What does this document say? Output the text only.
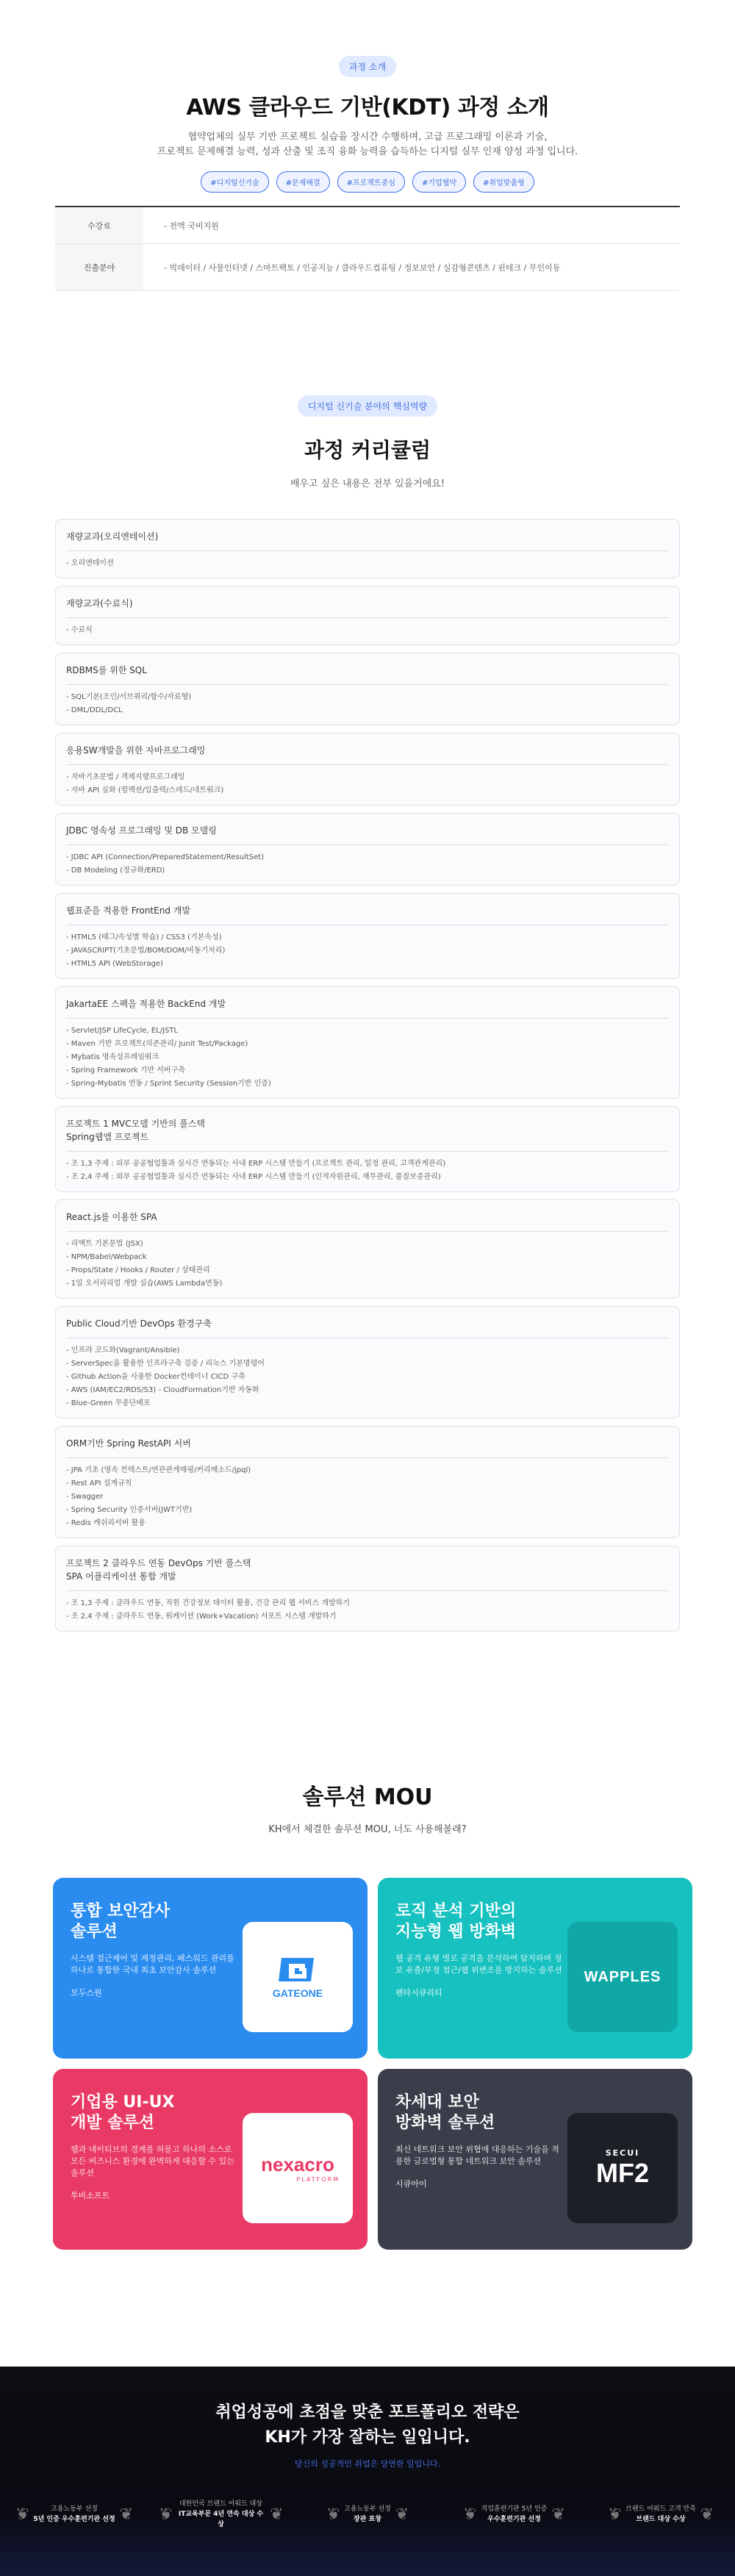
과정 소개
AWS 클라우드 기반(KDT) 과정 소개

협약업체의 실무 기반 프로젝트 실습을 장시간 수행하며, 고급 프로그래밍 이론과 기술,
프로젝트 문제해결 능력, 성과 산출 및 조직 융화 능력을 습득하는 디지털 실무 인재 양성 과정 입니다.

#디지털신기술	#문제해결	#프로젝트중심	#기업협약	#취업맞춤형
수강료	- 전액 국비지원
진출분야	- 빅데이터 / 사물인터넷 / 스마트팩토 / 인공지능 / 클라우드컴퓨팅 / 정보보안 / 실감형콘텐츠 / 핀테크 / 무인이동
디지털 신기술 분야의 핵심역량
과정 커리큘럼

배우고 싶은 내용은 전부 있을거에요!

재량교과(오리엔테이션)
- 오리엔테이션
재량교과(수료식)
- 수료식
RDBMS를 위한 SQL
- SQL기본(조인/서브쿼리/함수/자료형)
- DML/DDL/DCL
응용SW개발을 위한 자바프로그래밍
- 자바기초문법 / 객체지향프로그래밍
- 자바 API 실화 (컬렉션/입출력/스레드/네트워크)
JDBC 영속성 프로그래밍 및 DB 모델링
- JDBC API (Connection/PreparedStatement/ResultSet)
- DB Modeling (정규화/ERD)
웹표준을 적용한 FrontEnd 개발
- HTML5 (태그/속성별 학습) / CSS3 (기본속성)
- JAVASCRIPT(기초문법/BOM/DOM/비동기처리)
- HTML5 API (WebStorage)
JakartaEE 스펙을 적용한 BackEnd 개발
- Servlet/JSP LifeCycle, EL/JSTL
- Maven 기반 프로젝트(의존관리/ Junit Test/Package)
- Mybatis 영속성프레임워크
- Spring Framework 기반 서버구축
- Spring-Mybatis 연동 / Sprint Security (Session기반 인증)
프로젝트 1 MVC모델 기반의 풀스택
Spring웹앱 프로젝트
- 조 1,3 주제 : 외부 공공협업툴과 실시간 연동되는 사내 ERP 시스템 만들기 (프로젝트 관리, 일정 관리, 고객관계관리)
- 조 2,4 주제 : 외부 공공협업툴과 실시간 연동되는 사내 ERP 시스템 만들기 (인적자원관리, 재무관리, 품질보증관리)
React.js를 이용한 SPA
- 리액트 기본문법 (JSX)
- NPM/Babel/Webpack
- Props/State / Hooks / Router / 상태관리
- 1일 오서리리얼 개발 실습(AWS Lambda연동)
Public Cloud기반 DevOps 환경구축
- 인프라 코드화(Vagrant/Ansible)
- ServerSpec을 활용한 인프라구축 검증 / 리눅스 기본명령어
- Github Action을 사용한 Docker컨테이너 CICD 구축
- AWS (IAM/EC2/RDS/S3) - CloudFormation기반 자동화
- Blue-Green 무중단배포
ORM기반 Spring RestAPI 서버
- JPA 기초 (영속 컨텍스트/연관관계매핑/커리메소드/jpql)
- Rest API 설계규칙
- Swagger
- Spring Security 인증서버(JWT기반)
- Redis 캐쉬리서버 활용
프로젝트 2 클라우드 연동 DevOps 기반 풀스택
SPA 어플리케이션 통합 개발
- 조 1,3 주제 : 클라우드 연동, 직원 건강정보 데이터 활용, 건강 관리 웹 서비스 개발하기
- 조 2,4 주제 : 클라우드 연동, 워케이션 (Work+Vacation) 서포트 시스템 개발하기
솔루션 MOU

KH에서 체결한 솔루션 MOU, 너도 사용해볼래?

통합 보안감사
솔루션

시스템 접근제어 및 계정관리, 패스워드 관리를 하나로 통합한 국내 최초 보안감사 솔루션

모두스원	GATEONE
로직 분석 기반의
지능형 웹 방화벽

웹 공격 유형 별로 공격을 분석하여 탐지하며 정보 유출/부정 접근/웹 위변조를 방지하는 솔루션

펜타시큐리티

WAPPLES
기업용 UI-UX
개발 솔루션

웹과 네이티브의 경계를 허물고 하나의 소스로 모든 비즈니스 환경에 완벽하게 대응할 수 있는 솔루션

투비소프트

nexacro
PLATFORM
차세대 보안
방화벽 솔루션

최신 네트워크 보안 위협에 대응하는 기술을 적용한 글로벌형 통합 네트워크 보안 솔루션

시큐아이

SECUI
MF2
취업성공에 초점을 맞춘 포트폴리오 전략은
KH가 가장 잘하는 일입니다.

당신의 성공적인 취업은 당연한 일입니다.

❦	고용노동부 선정
5년 인증 우수훈련기관 선정 ❦ ❦
대한민국 브랜드 어워드 대상
IT교육부문 4년 연속 대상 수상
❦	❦ 고용노동부 선정
장관 표창 ❦	❦ 직업훈련기관 5년 인증
우수훈련기관 선정 ❦	❦ 브랜드 어워드 고객 만족
브랜드 대상 수상 ❦
